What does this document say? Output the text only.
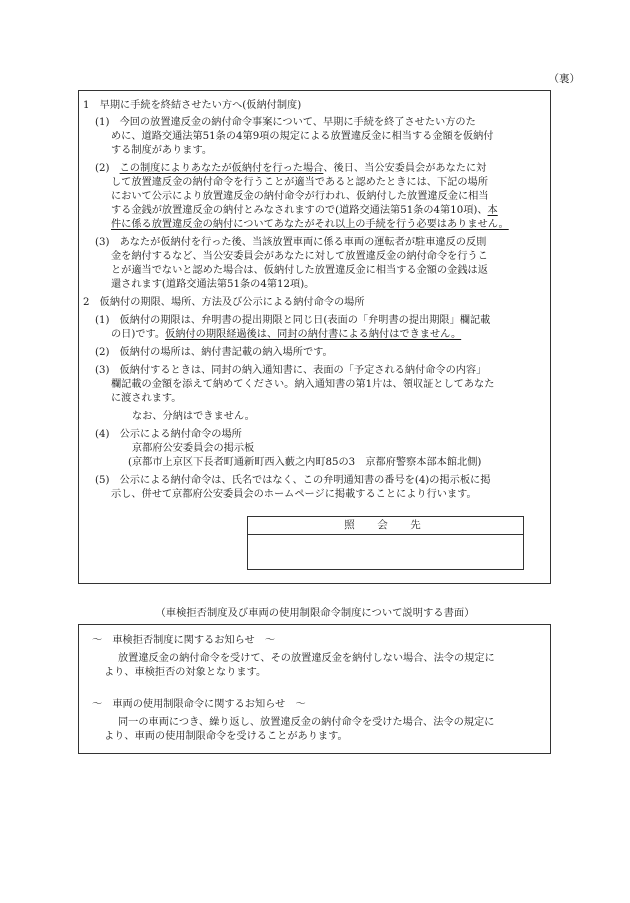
（裏）
1　早期に手続を終結させたい方へ(仮納付制度)
(1)　今回の放置違反金の納付命令事案について、早期に手続を終了させたい方のた
めに、道路交通法第51条の4第9項の規定による放置違反金に相当する金額を仮納付
する制度があります。
(2)　この制度によりあなたが仮納付を行った場合、後日、当公安委員会があなたに対
して放置違反金の納付命令を行うことが適当であると認めたときには、下記の場所
において公示により放置違反金の納付命令が行われ、仮納付した放置違反金に相当
する金銭が放置違反金の納付とみなされますので(道路交通法第51条の4第10項)、本
件に係る放置違反金の納付についてあなたがそれ以上の手続を行う必要はありません。
(3)　あなたが仮納付を行った後、当該放置車両に係る車両の運転者が駐車違反の反則
金を納付するなど、当公安委員会があなたに対して放置違反金の納付命令を行うこ
とが適当でないと認めた場合は、仮納付した放置違反金に相当する金額の金銭は返
還されます(道路交通法第51条の4第12項)。
2　仮納付の期限、場所、方法及び公示による納付命令の場所
(1)　仮納付の期限は、弁明書の提出期限と同じ日(表面の「弁明書の提出期限」欄記載
の日)です。仮納付の期限経過後は、同封の納付書による納付はできません。
(2)　仮納付の場所は、納付書記載の納入場所です。
(3)　仮納付するときは、同封の納入通知書に、表面の「予定される納付命令の内容」
欄記載の金額を添えて納めてください。納入通知書の第1片は、領収証としてあなた
に渡されます。
なお、分納はできません。
(4)　公示による納付命令の場所
京都府公安委員会の掲示板
(京都市上京区下長者町通新町西入藪之内町85の3　京都府警察本部本館北側)
(5)　公示による納付命令は、氏名ではなく、この弁明通知書の番号を(4)の掲示板に掲
示し、併せて京都府公安委員会のホームページに掲載することにより行います。
照　会　先
（車検拒否制度及び車両の使用制限命令制度について説明する書面）
～　車検拒否制度に関するお知らせ　～
放置違反金の納付命令を受けて、その放置違反金を納付しない場合、法令の規定に
より、車検拒否の対象となります。
～　車両の使用制限命令に関するお知らせ　～
同一の車両につき、繰り返し、放置違反金の納付命令を受けた場合、法令の規定に
より、車両の使用制限命令を受けることがあります。
